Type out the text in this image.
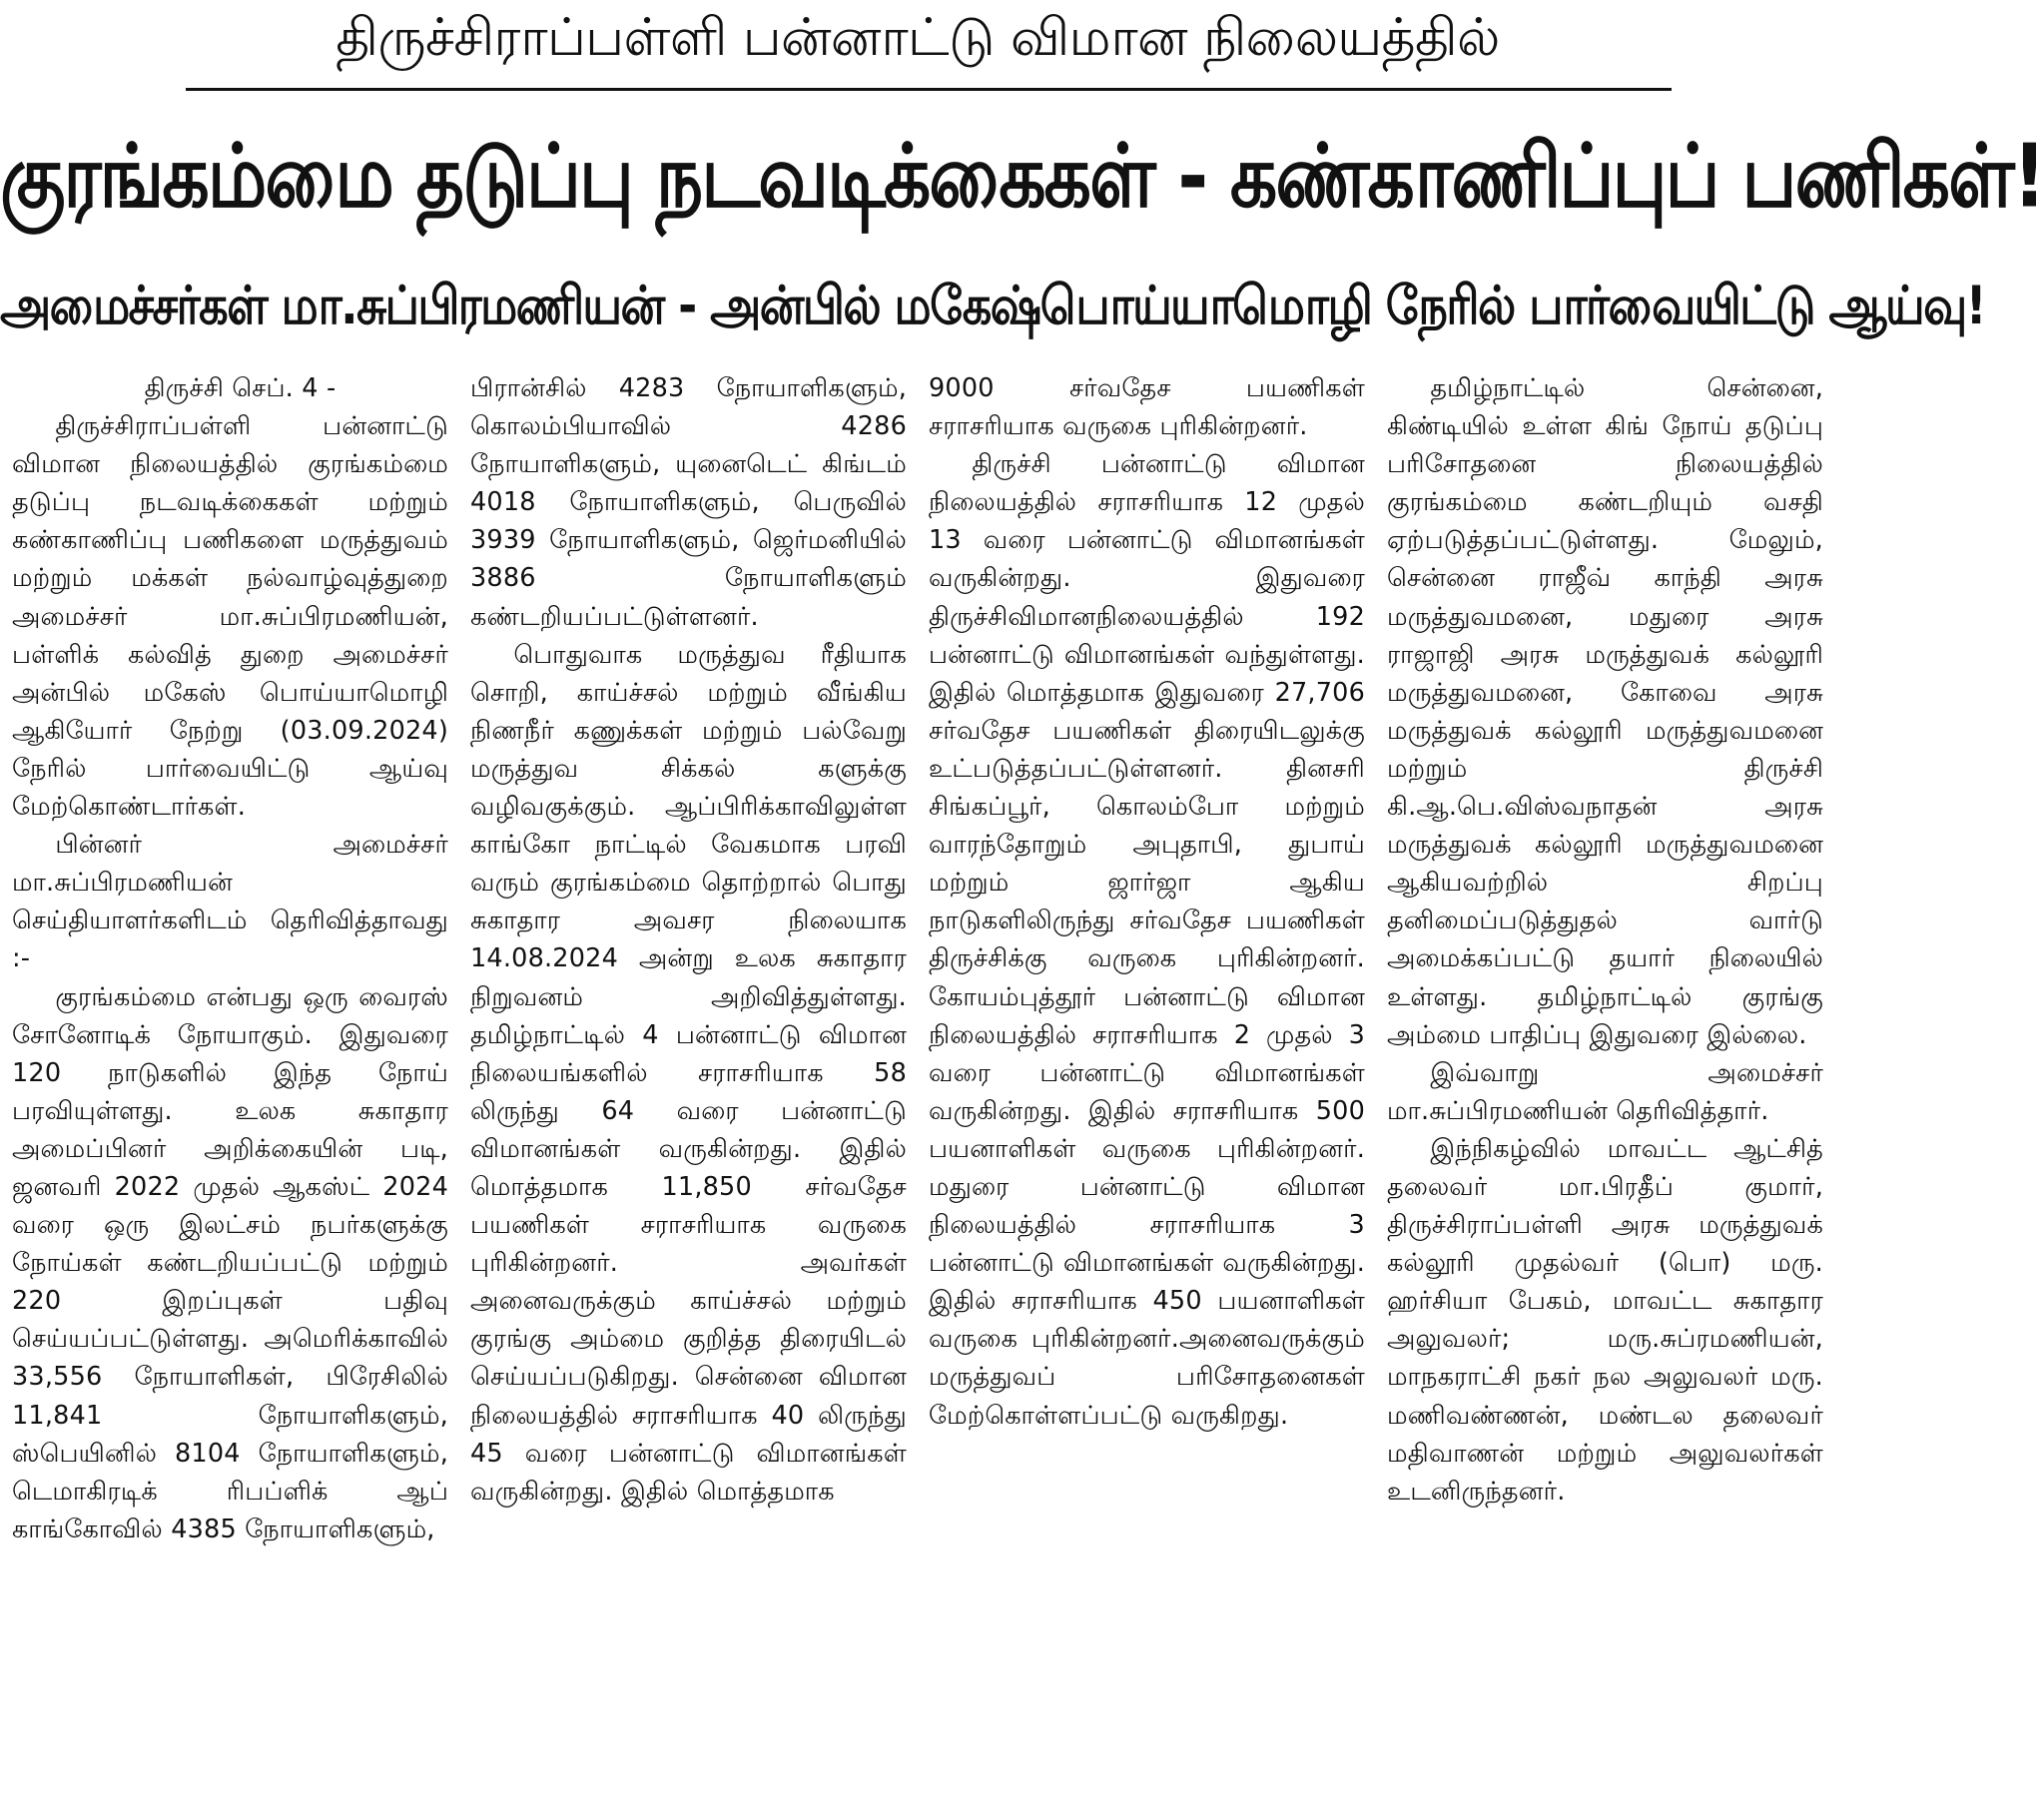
திருச்சிராப்பள்ளி பன்னாட்டு விமான நிலையத்தில்
குரங்கம்மை தடுப்பு நடவடிக்கைகள் - கண்காணிப்புப் பணிகள்!
அமைச்சர்கள் மா.சுப்பிரமணியன் - அன்பில் மகேஷ்பொய்யாமொழி நேரில் பார்வையிட்டு ஆய்வு!

திருச்சி செப். 4 -

திருச்சிராப்பள்ளி பன்னாட்டு விமான நிலையத்தில் குரங்கம்மை தடுப்பு நடவடிக்கைகள் மற்றும் கண்காணிப்பு பணிகளை மருத்துவம் மற்றும் மக்கள் நல்வாழ்வுத்துறை அமைச்சர் மா.சுப்பிரமணியன், பள்ளிக் கல்வித் துறை அமைச்சர் அன்பில் மகேஸ் பொய்யாமொழி ஆகியோர் நேற்று (03.09.2024) நேரில் பார்வையிட்டு ஆய்வு மேற்கொண்டார்கள்.

பின்னர் அமைச்சர் மா.சுப்பிரமணியன் செய்தியாளர்களிடம் தெரிவித்தாவது :-

குரங்கம்மை என்பது ஒரு வைரஸ் சோனோடிக் நோயாகும். இதுவரை 120 நாடுகளில் இந்த நோய் பரவியுள்ளது. உலக சுகாதார அமைப்பினர் அறிக்கையின் படி, ஜனவரி 2022 முதல் ஆகஸ்ட் 2024 வரை ஒரு இலட்சம் நபர்களுக்கு நோய்கள் கண்டறியப்பட்டு மற்றும் 220 இறப்புகள் பதிவு செய்யப்பட்டுள்ளது. அமெரிக்காவில் 33,556 நோயாளிகள், பிரேசிலில் 11,841 நோயாளிகளும், ஸ்பெயினில் 8104 நோயாளிகளும், டெமாகிரடிக் ரிபப்ளிக் ஆப் காங்கோவில் 4385 நோயாளிகளும்,

பிரான்சில் 4283 நோயாளிகளும், கொலம்பியாவில் 4286 நோயாளிகளும், யுனைடெட் கிங்டம் 4018 நோயாளிகளும், பெருவில் 3939 நோயாளிகளும், ஜெர்மனியில் 3886 நோயாளிகளும் கண்டறியப்பட்டுள்ளனர்.

பொதுவாக மருத்துவ ரீதியாக சொறி, காய்ச்சல் மற்றும் வீங்கிய நிணநீர் கணுக்கள் மற்றும் பல்வேறு மருத்துவ சிக்கல் களுக்கு வழிவகுக்கும். ஆப்பிரிக்காவிலுள்ள காங்கோ நாட்டில் வேகமாக பரவி வரும் குரங்கம்மை தொற்றால் பொது சுகாதார அவசர நிலையாக 14.08.2024 அன்று உலக சுகாதார நிறுவனம் அறிவித்துள்ளது. தமிழ்நாட்டில் 4 பன்னாட்டு விமான நிலையங்களில் சராசரியாக 58 லிருந்து 64 வரை பன்னாட்டு விமானங்கள் வருகின்றது. இதில் மொத்தமாக 11,850 சர்வதேச பயணிகள் சராசரியாக வருகை புரிகின்றனர். அவர்கள் அனைவருக்கும் காய்ச்சல் மற்றும் குரங்கு அம்மை குறித்த திரையிடல் செய்யப்படுகிறது. சென்னை விமான நிலையத்தில் சராசரியாக 40 லிருந்து 45 வரை பன்னாட்டு விமானங்கள் வருகின்றது. இதில் மொத்தமாக

9000 சர்வதேச பயணிகள் சராசரியாக வருகை புரிகின்றனர்.

திருச்சி பன்னாட்டு விமான நிலையத்தில் சராசரியாக 12 முதல் 13 வரை பன்னாட்டு விமானங்கள் வருகின்றது. இதுவரை திருச்சிவிமானநிலையத்தில் 192 பன்னாட்டு விமானங்கள் வந்துள்ளது. இதில் மொத்தமாக இதுவரை 27,706 சர்வதேச பயணிகள் திரையிடலுக்கு உட்படுத்தப்பட்டுள்ளனர். தினசரி சிங்கப்பூர், கொலம்போ மற்றும் வாரந்தோறும் அபுதாபி, துபாய் மற்றும் ஜார்ஜா ஆகிய நாடுகளிலிருந்து சர்வதேச பயணிகள் திருச்சிக்கு வருகை புரிகின்றனர். கோயம்புத்தூர் பன்னாட்டு விமான நிலையத்தில் சராசரியாக 2 முதல் 3 வரை பன்னாட்டு விமானங்கள் வருகின்றது. இதில் சராசரியாக 500 பயனாளிகள் வருகை புரிகின்றனர். மதுரை பன்னாட்டு விமான நிலையத்தில் சராசரியாக 3 பன்னாட்டு விமானங்கள் வருகின்றது. இதில் சராசரியாக 450 பயனாளிகள் வருகை புரிகின்றனர்.அனைவருக்கும் மருத்துவப் பரிசோதனைகள் மேற்கொள்ளப்பட்டு வருகிறது.

தமிழ்நாட்டில் சென்னை, கிண்டியில் உள்ள கிங் நோய் தடுப்பு பரிசோதனை நிலையத்தில் குரங்கம்மை கண்டறியும் வசதி ஏற்படுத்தப்பட்டுள்ளது. மேலும், சென்னை ராஜீவ் காந்தி அரசு மருத்துவமனை, மதுரை அரசு ராஜாஜி அரசு மருத்துவக் கல்லூரி மருத்துவமனை, கோவை அரசு மருத்துவக் கல்லூரி மருத்துவமனை மற்றும் திருச்சி கி.ஆ.பெ.விஸ்வநாதன் அரசு மருத்துவக் கல்லூரி மருத்துவமனை ஆகியவற்றில் சிறப்பு தனிமைப்படுத்துதல் வார்டு அமைக்கப்பட்டு தயார் நிலையில் உள்ளது. தமிழ்நாட்டில் குரங்கு அம்மை பாதிப்பு இதுவரை இல்லை.

இவ்வாறு அமைச்சர் மா.சுப்பிரமணியன் தெரிவித்தார்.

இந்நிகழ்வில் மாவட்ட ஆட்சித் தலைவர் மா.பிரதீப் குமார், திருச்சிராப்பள்ளி அரசு மருத்துவக் கல்லூரி முதல்வர் (பொ) மரு. ஹர்சியா பேகம், மாவட்ட சுகாதார அலுவலர்; மரு.சுப்ரமணியன், மாநகராட்சி நகர் நல அலுவலர் மரு. மணிவண்ணன், மண்டல தலைவர் மதிவாணன் மற்றும் அலுவலர்கள் உடனிருந்தனர்.
